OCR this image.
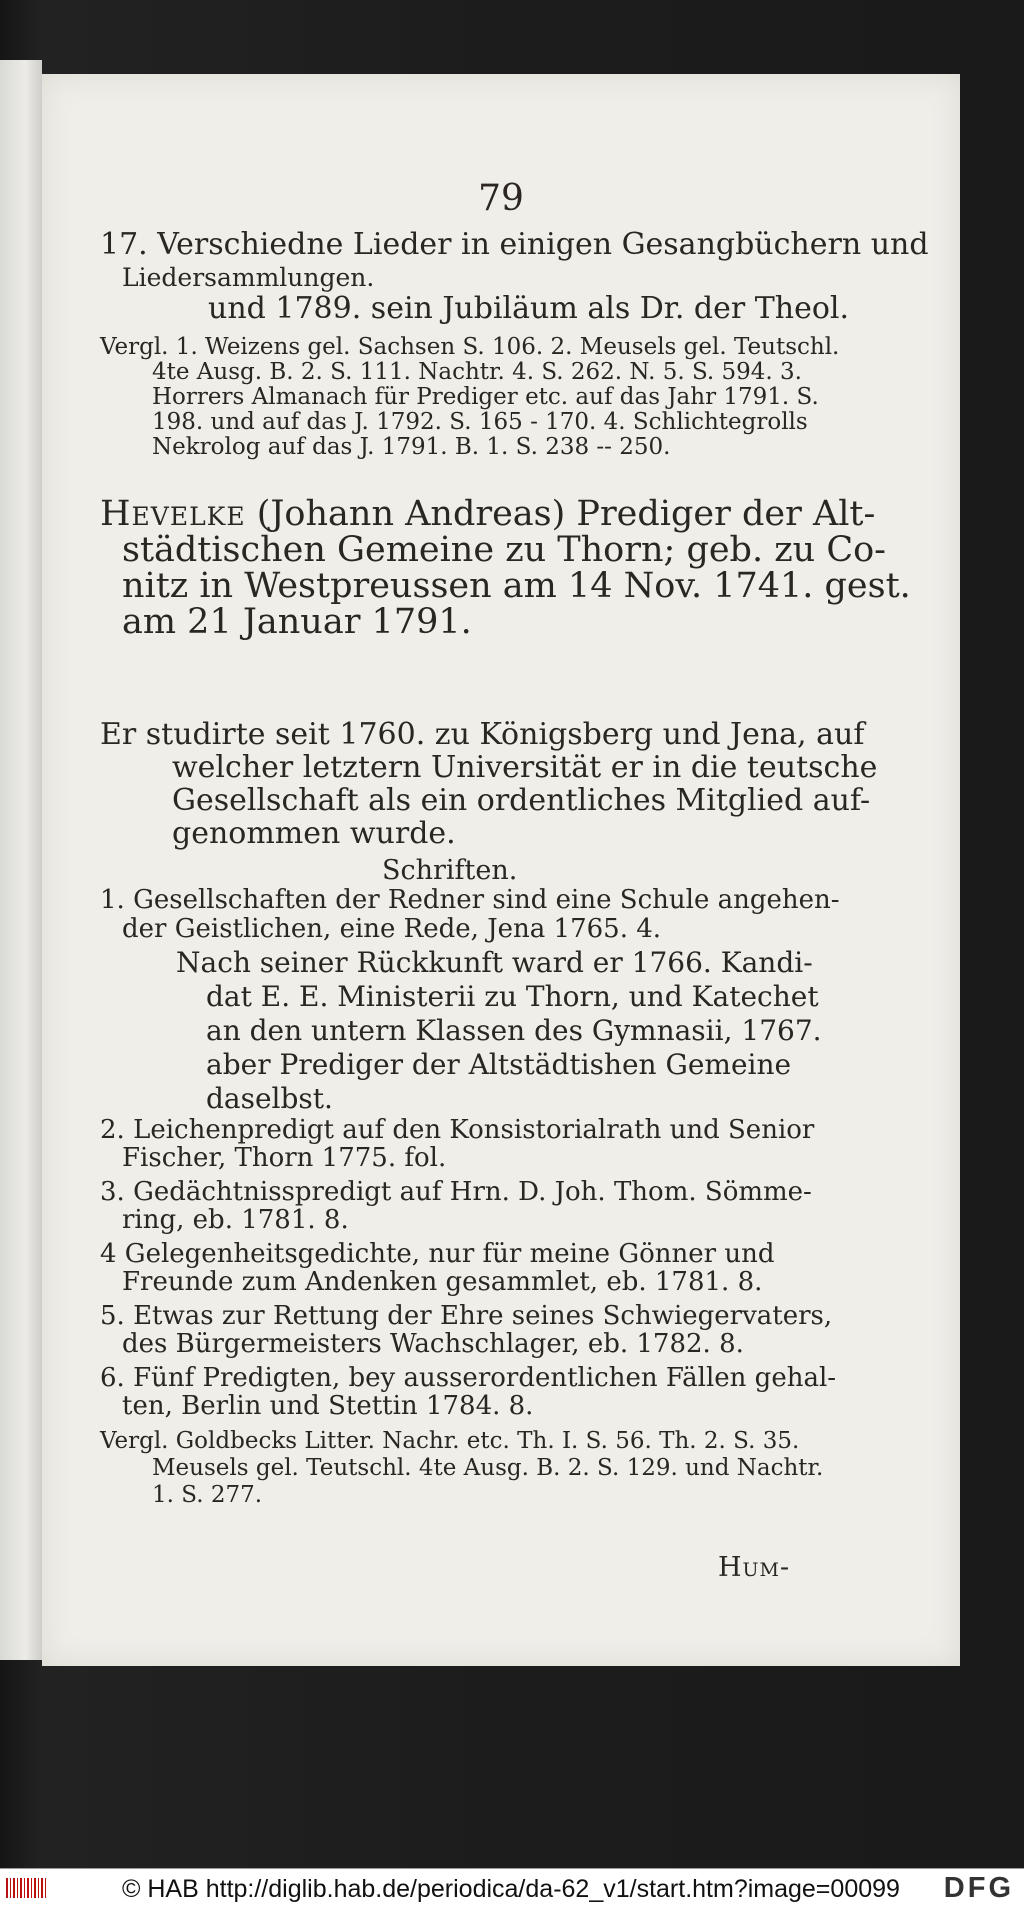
79
17. Verschiedne Lieder in einigen Gesangbüchern und
Liedersammlungen.
und 1789. sein Jubiläum als Dr. der Theol.
Vergl. 1. Weizens gel. Sachsen S. 106. 2. Meusels gel. Teutschl.
4te Ausg. B. 2. S. 111. Nachtr. 4. S. 262. N. 5. S. 594. 3.
Horrers Almanach für Prediger etc. auf das Jahr 1791. S.
198. und auf das J. 1792. S. 165 - 170. 4. Schlichtegrolls
Nekrolog auf das J. 1791. B. 1. S. 238 -- 250.
Hevelke (Johann Andreas) Prediger der Alt-
städtischen Gemeine zu Thorn; geb. zu Co-
nitz in Westpreussen am 14 Nov. 1741. gest.
am 21 Januar 1791.
Er studirte seit 1760. zu Königsberg und Jena, auf
welcher letztern Universität er in die teutsche
Gesellschaft als ein ordentliches Mitglied auf-
genommen wurde.
Schriften.
1. Gesellschaften der Redner sind eine Schule angehen-
der Geistlichen, eine Rede, Jena 1765. 4.
Nach seiner Rückkunft ward er 1766. Kandi-
dat E. E. Ministerii zu Thorn, und Katechet
an den untern Klassen des Gymnasii, 1767.
aber Prediger der Altstädtishen Gemeine
daselbst.
2. Leichenpredigt auf den Konsistorialrath und Senior
Fischer, Thorn 1775. fol.
3. Gedächtnisspredigt auf Hrn. D. Joh. Thom. Sömme-
ring, eb. 1781. 8.
4 Gelegenheitsgedichte, nur für meine Gönner und
Freunde zum Andenken gesammlet, eb. 1781. 8.
5. Etwas zur Rettung der Ehre seines Schwiegervaters,
des Bürgermeisters Wachschlager, eb. 1782. 8.
6. Fünf Predigten, bey ausserordentlichen Fällen gehal-
ten, Berlin und Stettin 1784. 8.
Vergl. Goldbecks Litter. Nachr. etc. Th. I. S. 56. Th. 2. S. 35.
Meusels gel. Teutschl. 4te Ausg. B. 2. S. 129. und Nachtr.
1. S. 277.
Hum-
© HAB http://diglib.hab.de/periodica/da-62_v1/start.htm?image=00099 DFG
